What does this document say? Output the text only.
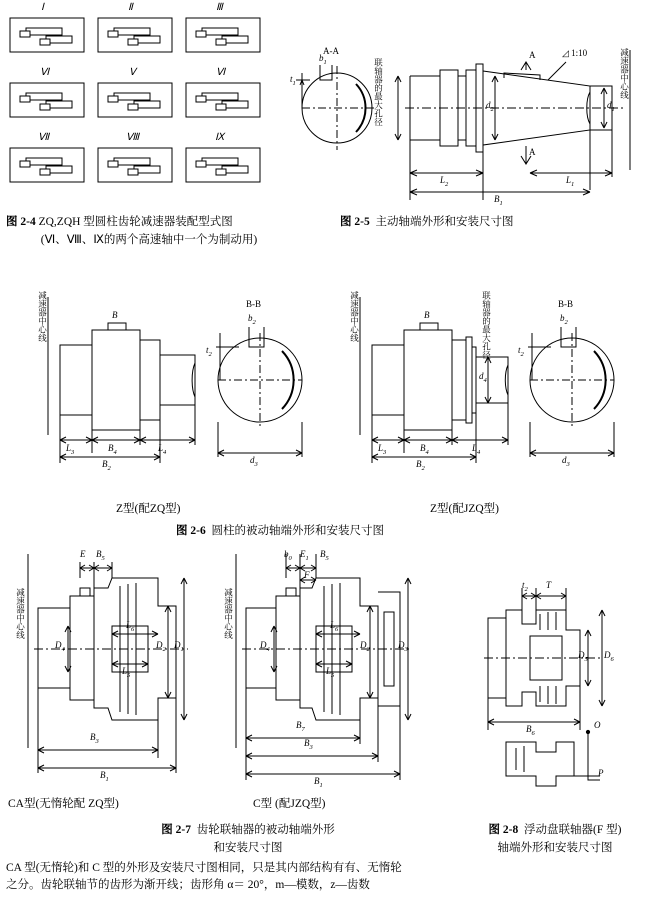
Ⅰ	Ⅱ	Ⅲ
Ⅵ	Ⅴ	Ⅵ
Ⅶ	Ⅷ	Ⅸ
图 2-4 ZQ,ZQH 型圆柱齿轮减速器装配型式图
(Ⅵ、Ⅷ、Ⅸ的两个高速轴中一个为制动用)
A-A
$b_1$
$t_1$
$d_2$	$d_1$
$L_2$	$L_1$
$B_1$
A
A
◿ 1:10
联轴器的最大孔径	减速器中心线
图 2-5 主动轴端外形和安装尺寸图
减速器中心线	B	$b_2$
B-B
$t_2$
$L_3$	$L_4$
$B_4$
$B_2$
$d_3$
减速器中心线	B	$b_2$
B-B
$t_2$
$d_4$
$L_3$	$B_4$	$L_4$
$B_2$
$d_3$
联轴器的最大孔径
Z型(配ZQ型)	Z型(配JZQ型)
图 2-6 圆柱的被动轴端外形和安装尺寸图
减速器中心线
E $B_5$
$L_6$
$L_5$
$D_4$	$D_2$ $D_1$
$B_3$
$B_1$
减速器中心线
$b_0$ $E_1$ $B_5$
F
$L_6$
$L_5$
$D_4$	$D_2$	$D_3$
$B_7$
$B_3$
$B_1$
$t_2$ T
$D_5$ $D_6$
$B_6$
O
P
CA型(无惰轮配 ZQ型)	C型 (配JZQ型)
图 2-7 齿轮联轴器的被动轴端外形
和安装尺寸图
图 2-8 浮动盘联轴器(F 型)
轴端外形和安装尺寸图
CA 型(无惰轮)和 C 型的外形及安装尺寸图相同，只是其内部结构有有、无惰轮
之分。齿轮联轴节的齿形为渐开线；齿形角 α＝ 20°，m—模数，z—齿数
